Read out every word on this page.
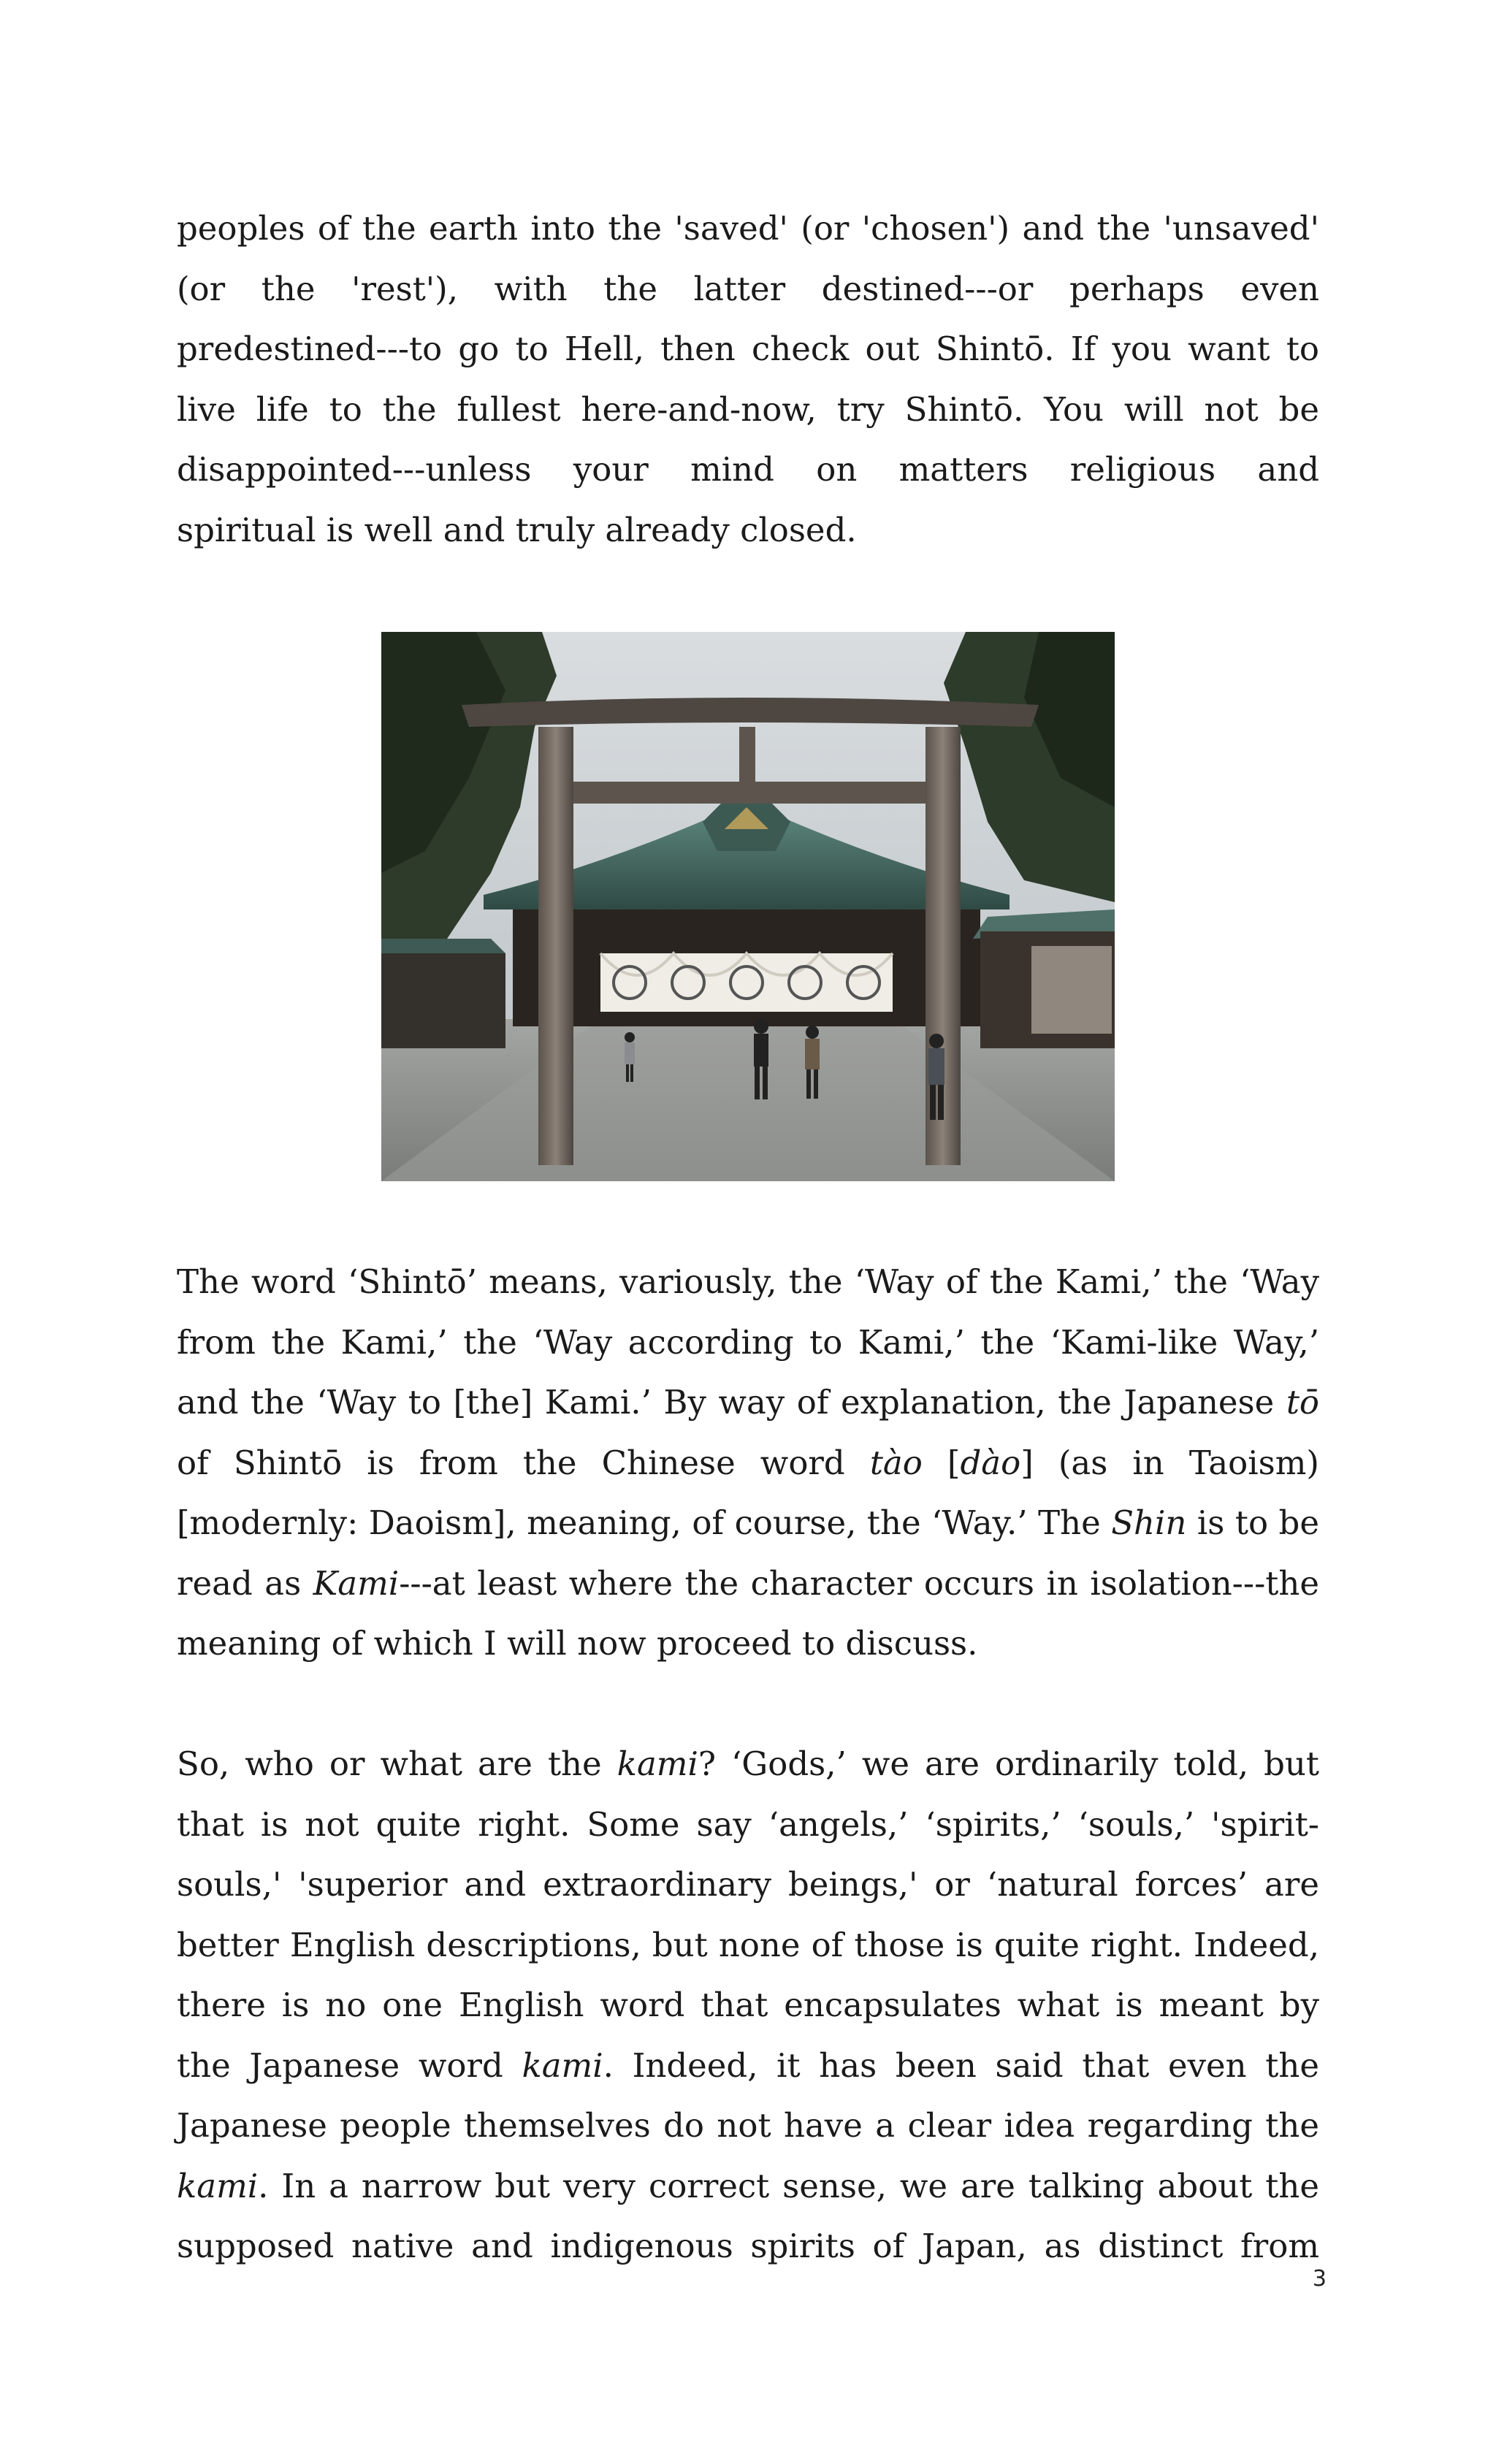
peoples of the earth into the 'saved' (or 'chosen') and the 'unsaved'
(or the 'rest'), with the latter destined---or perhaps even
predestined---to go to Hell, then check out Shintō. If you want to
live life to the fullest here-and-now, try Shintō. You will not be
disappointed---unless your mind on matters religious and
spiritual is well and truly already closed.
The word ‘Shintō’ means, variously, the ‘Way of the Kami,’ the ‘Way
from the Kami,’ the ‘Way according to Kami,’ the ‘Kami-like Way,’
and the ‘Way to [the] Kami.’ By way of explanation, the Japanese tō
of Shintō is from the Chinese word tào [dào] (as in Taoism)
[modernly: Daoism], meaning, of course, the ‘Way.’ The Shin is to be
read as Kami---at least where the character occurs in isolation---the
meaning of which I will now proceed to discuss.
So, who or what are the kami? ‘Gods,’ we are ordinarily told, but
that is not quite right. Some say ‘angels,’ ‘spirits,’ ‘souls,’ 'spirit-
souls,' 'superior and extraordinary beings,' or ‘natural forces’ are
better English descriptions, but none of those is quite right. Indeed,
there is no one English word that encapsulates what is meant by
the Japanese word kami. Indeed, it has been said that even the
Japanese people themselves do not have a clear idea regarding the
kami. In a narrow but very correct sense, we are talking about the
supposed native and indigenous spirits of Japan, as distinct from
3
